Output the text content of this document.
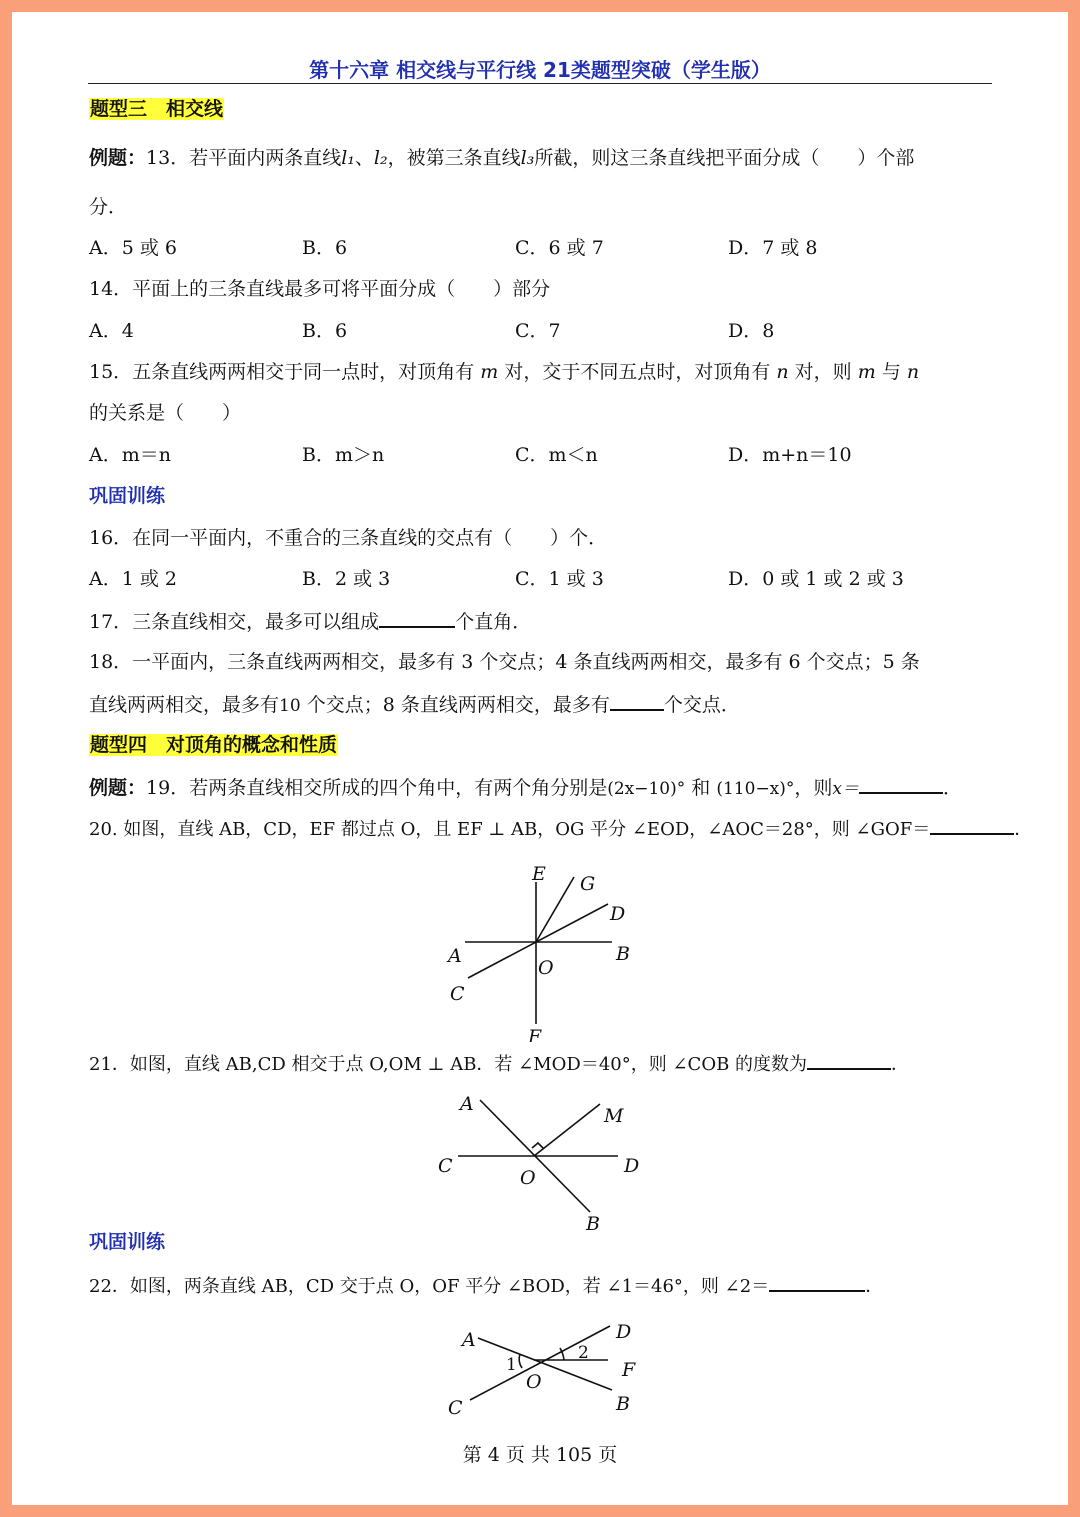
第十六章 相交线与平行线 21类题型突破（学生版）
题型三　相交线
例题：13．若平面内两条直线l₁、l₂，被第三条直线l₃所截，则这三条直线把平面分成（　　）个部
分．
A．5 或 6	B．6	C．6 或 7	D．7 或 8
14．平面上的三条直线最多可将平面分成（　　）部分
A．4	B．6	C．7	D．8
15．五条直线两两相交于同一点时，对顶角有 m 对，交于不同五点时，对顶角有 n 对，则 m 与 n
的关系是（　　）
A．m＝n	B．m＞n	C．m＜n	D．m+n＝10
巩固训练
16．在同一平面内，不重合的三条直线的交点有（　　）个．
A．1 或 2	B．2 或 3	C．1 或 3	D．0 或 1 或 2 或 3
17．三条直线相交，最多可以组成	个直角．
18．一平面内，三条直线两两相交，最多有 3 个交点；4 条直线两两相交，最多有 6 个交点；5 条
直线两两相交，最多有10 个交点；8 条直线两两相交，最多有	个交点．
题型四　对顶角的概念和性质
例题：19．若两条直线相交所成的四个角中，有两个角分别是(2x−10)° 和 (110−x)°，则x＝	．
20. 如图，直线 AB，CD，EF 都过点 O，且 EF ⊥ AB，OG 平分 ∠EOD，∠AOC＝28°，则 ∠GOF＝	．
E G
D
A	B
O
C
F
21．如图，直线 AB,CD 相交于点 O,OM ⊥ AB．若 ∠MOD＝40°，则 ∠COB 的度数为	．
A
M
C
O
D
B
巩固训练
22．如图，两条直线 AB，CD 交于点 O，OF 平分 ∠BOD，若 ∠1＝46°，则 ∠2＝	．
A	D
2
F
1
O
C	B
第 4 页 共 105 页
